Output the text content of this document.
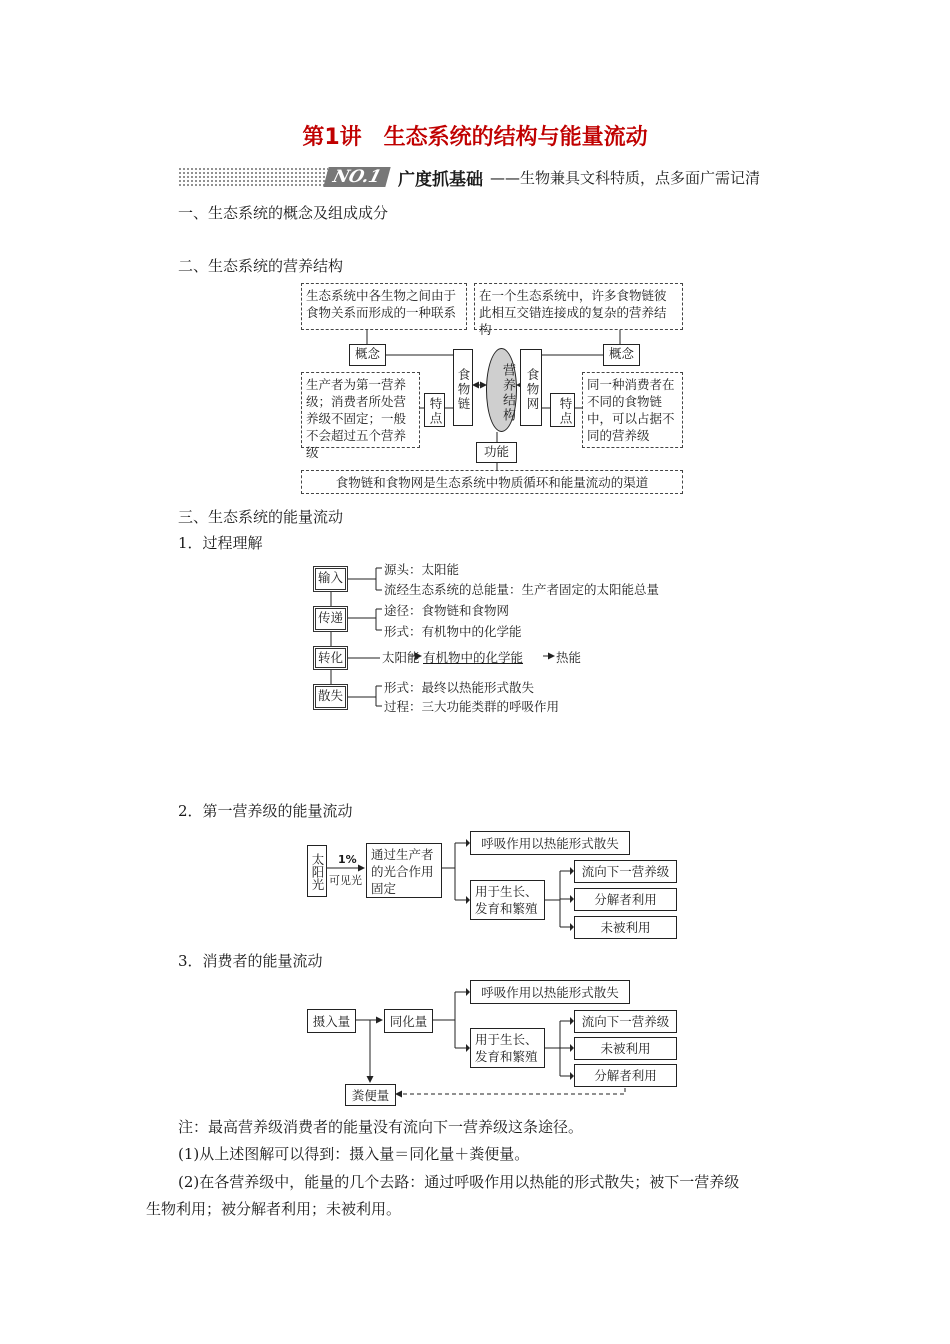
第1讲　生态系统的结构与能量流动
NO.1 广度抓基础 ——生物兼具文科特质，点多面广需记清
一、生态系统的概念及组成成分
二、生态系统的营养结构
生态系统中各生物之间由于食物关系而形成的一种联系
在一个生态系统中，许多食物链彼此相互交错连接成的复杂的营养结构
概念	概念
食物链	食物网
营养结构
生产者为第一营养级；消费者所处营养级不固定；一般不会超过五个营养级
特点	特点
同一种消费者在不同的食物链中，可以占据不同的营养级
功能
食物链和食物网是生态系统中物质循环和能量流动的渠道
三、生态系统的能量流动
1．过程理解
输入
传递
转化
散失
源头：太阳能
流经生态系统的总能量：生产者固定的太阳能总量
途径：食物链和食物网
形式：有机物中的化学能
太阳能 有机物中的化学能	热能
形式：最终以热能形式散失
过程：三大功能类群的呼吸作用
2．第一营养级的能量流动
太阳光 1%
可见光
通过生产者的光合作用固定
呼吸作用以热能形式散失
用于生长、发育和繁殖
流向下一营养级
分解者利用
未被利用
3．消费者的能量流动
摄入量	同化量
粪便量
呼吸作用以热能形式散失
用于生长、发育和繁殖
流向下一营养级
未被利用
分解者利用
注：最高营养级消费者的能量没有流向下一营养级这条途径。
(1)从上述图解可以得到：摄入量＝同化量＋粪便量。
(2)在各营养级中，能量的几个去路：通过呼吸作用以热能的形式散失；被下一营养级
生物利用；被分解者利用；未被利用。
